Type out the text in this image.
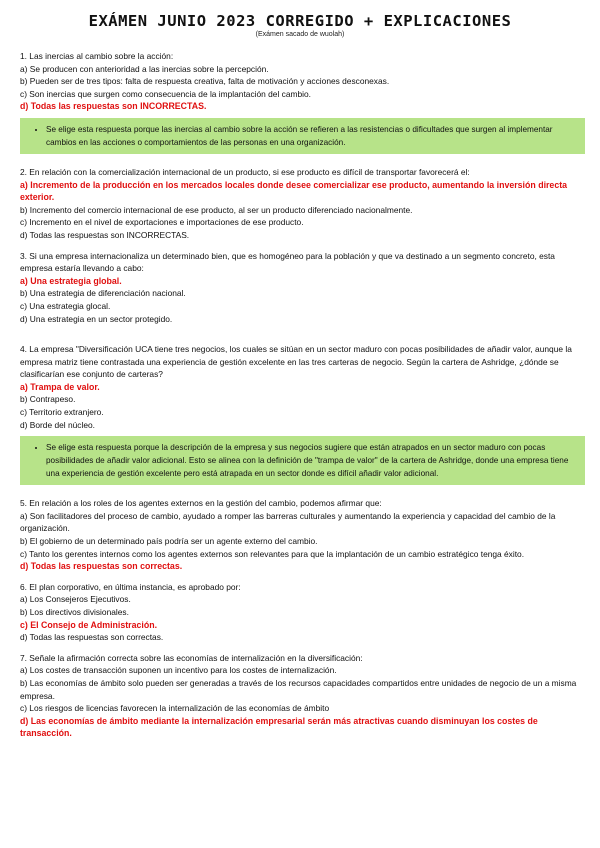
EXÁMEN JUNIO 2023 CORREGIDO + EXPLICACIONES
(Exámen sacado de wuolah)

1. Las inercias al cambio sobre la acción:

a) Se producen con anterioridad a las inercias sobre la percepción.

b) Pueden ser de tres tipos: falta de respuesta creativa, falta de motivación y acciones desconexas.

c) Son inercias que surgen como consecuencia de la implantación del cambio.

d) Todas las respuestas son INCORRECTAS.

• Se elige esta respuesta porque las inercias al cambio sobre la acción se refieren a las resistencias o dificultades que surgen al implementar cambios en las acciones o comportamientos de las personas en una organización.

2. En relación con la comercialización internacional de un producto, si ese producto es difícil de transportar favorecerá el:

a) Incremento de la producción en los mercados locales donde desee comercializar ese producto, aumentando la inversión directa exterior.

b) Incremento del comercio internacional de ese producto, al ser un producto diferenciado nacionalmente.

c) Incremento en el nivel de exportaciones e importaciones de ese producto.

d) Todas las respuestas son INCORRECTAS.

3. Si una empresa internacionaliza un determinado bien, que es homogéneo para la población y que va destinado a un segmento concreto, esta empresa estaría llevando a cabo:

a) Una estrategia global.

b) Una estrategia de diferenciación nacional.

c) Una estrategia glocal.

d) Una estrategia en un sector protegido.

4. La empresa "Diversificación UCA tiene tres negocios, los cuales se sitúan en un sector maduro con pocas posibilidades de añadir valor, aunque la empresa matriz tiene contrastada una experiencia de gestión excelente en las tres carteras de negocio. Según la cartera de Ashridge, ¿dónde se clasificarían ese conjunto de carteras?

a) Trampa de valor.

b) Contrapeso.

c) Territorio extranjero.

d) Borde del núcleo.

• Se elige esta respuesta porque la descripción de la empresa y sus negocios sugiere que están atrapados en un sector maduro con pocas posibilidades de añadir valor adicional. Esto se alinea con la definición de "trampa de valor" de la cartera de Ashridge, donde una empresa tiene una experiencia de gestión excelente pero está atrapada en un sector donde es difícil añadir valor adicional.

5. En relación a los roles de los agentes externos en la gestión del cambio, podemos afirmar que:

a) Son facilitadores del proceso de cambio, ayudado a romper las barreras culturales y aumentando la experiencia y capacidad del cambio de la organización.

b) El gobierno de un determinado país podría ser un agente externo del cambio.

c) Tanto los gerentes internos como los agentes externos son relevantes para que la implantación de un cambio estratégico tenga éxito.

d) Todas las respuestas son correctas.

6. El plan corporativo, en última instancia, es aprobado por:

a) Los Consejeros Ejecutivos.

b) Los directivos divisionales.

c) El Consejo de Administración.

d) Todas las respuestas son correctas.

7. Señale la afirmación correcta sobre las economías de internalización en la diversificación:

a) Los costes de transacción suponen un incentivo para los costes de internalización.

b) Las economías de ámbito solo pueden ser generadas a través de los recursos capacidades compartidos entre unidades de negocio de un a misma empresa.

c) Los riesgos de licencias favorecen la internalización de las economías de ámbito

d) Las economías de ámbito mediante la internalización empresarial serán más atractivas cuando disminuyan los costes de transacción.
